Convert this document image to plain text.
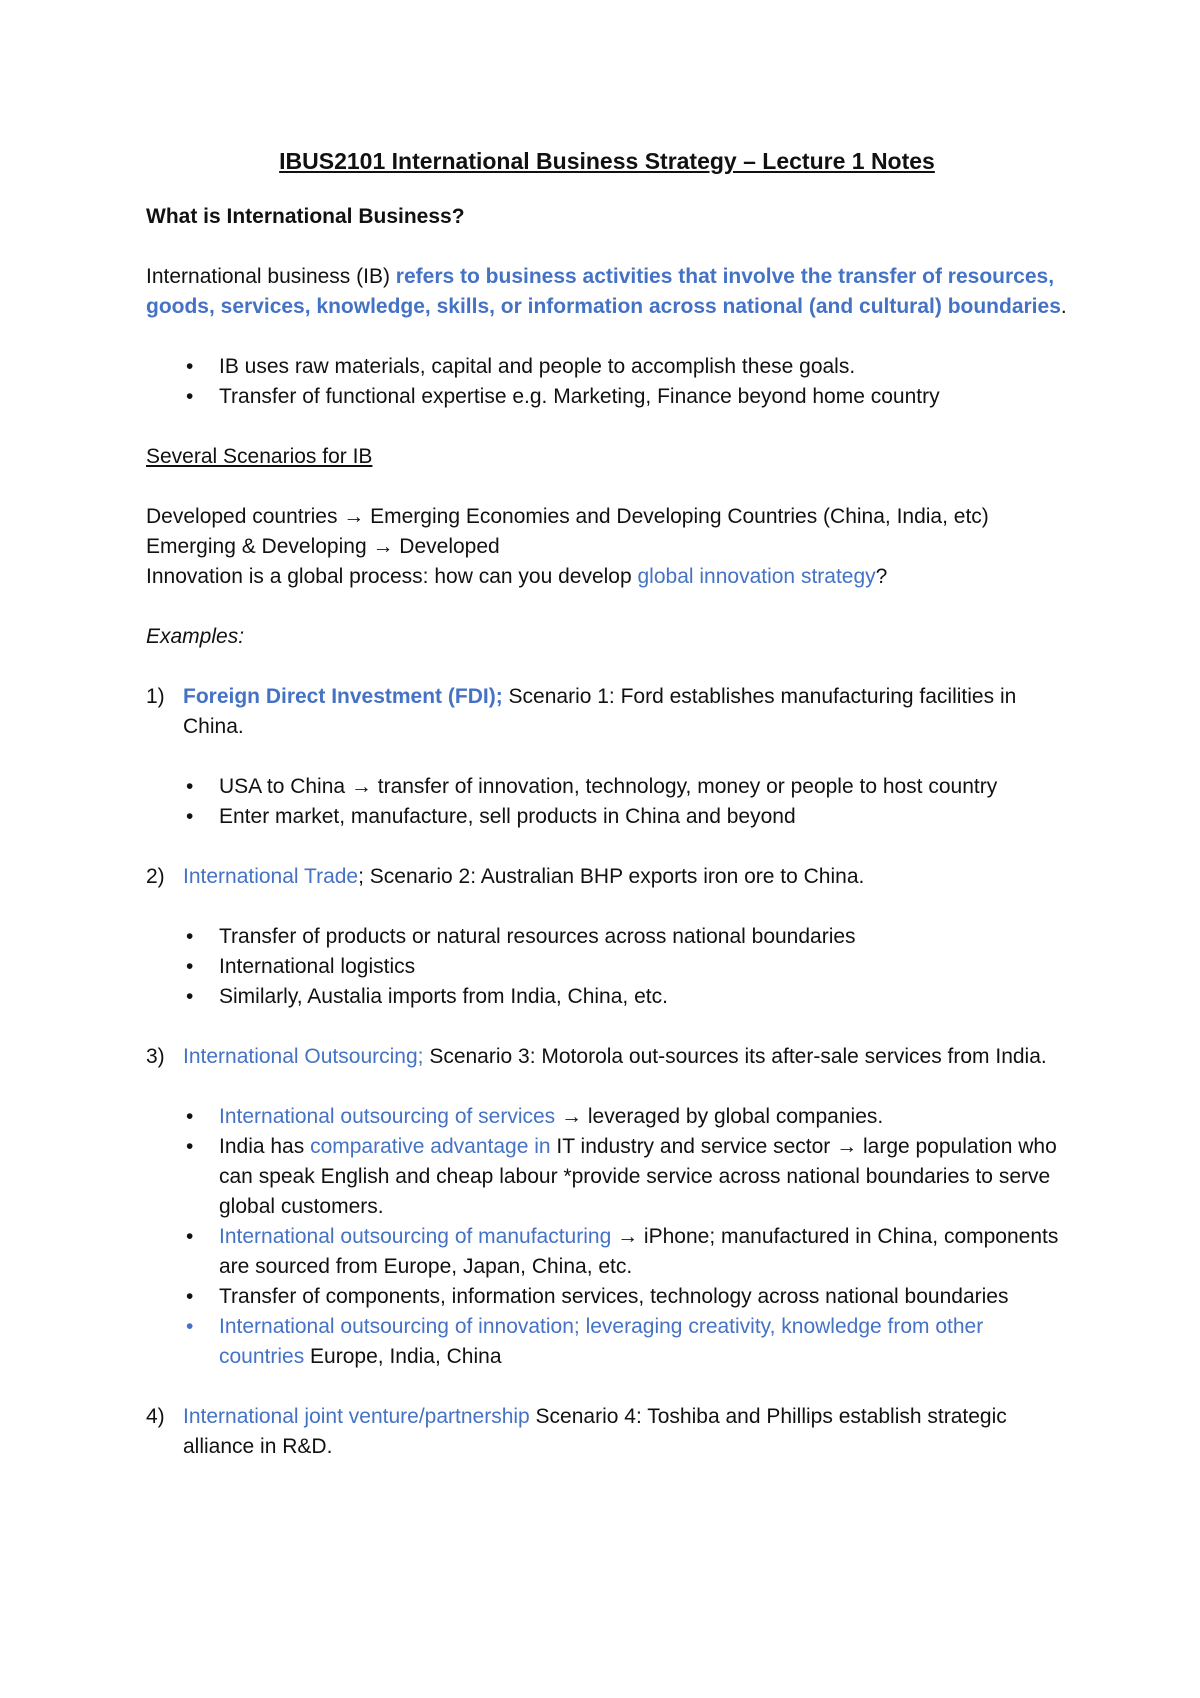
IBUS2101 International Business Strategy – Lecture 1 Notes

What is International Business?

International business (IB) refers to business activities that involve the transfer of resources, goods, services, knowledge, skills, or information across national (and cultural) boundaries.

• IB uses raw materials, capital and people to accomplish these goals.
• Transfer of functional expertise e.g. Marketing, Finance beyond home country

Several Scenarios for IB

Developed countries → Emerging Economies and Developing Countries (China, India, etc)

Emerging & Developing → Developed

Innovation is a global process: how can you develop global innovation strategy?

Examples:

1) Foreign Direct Investment (FDI); Scenario 1: Ford establishes manufacturing facilities in China.
• USA to China → transfer of innovation, technology, money or people to host country
• Enter market, manufacture, sell products in China and beyond
2) International Trade; Scenario 2: Australian BHP exports iron ore to China.
• Transfer of products or natural resources across national boundaries
• International logistics
• Similarly, Austalia imports from India, China, etc.
3) International Outsourcing; Scenario 3: Motorola out-sources its after-sale services from India.
• International outsourcing of services → leveraged by global companies.
• India has comparative advantage in IT industry and service sector → large population who can speak English and cheap labour *provide service across national boundaries to serve global customers.
• International outsourcing of manufacturing → iPhone; manufactured in China, components are sourced from Europe, Japan, China, etc.
• Transfer of components, information services, technology across national boundaries
• International outsourcing of innovation; leveraging creativity, knowledge from other countries Europe, India, China
4) International joint venture/partnership Scenario 4: Toshiba and Phillips establish strategic alliance in R&D.
